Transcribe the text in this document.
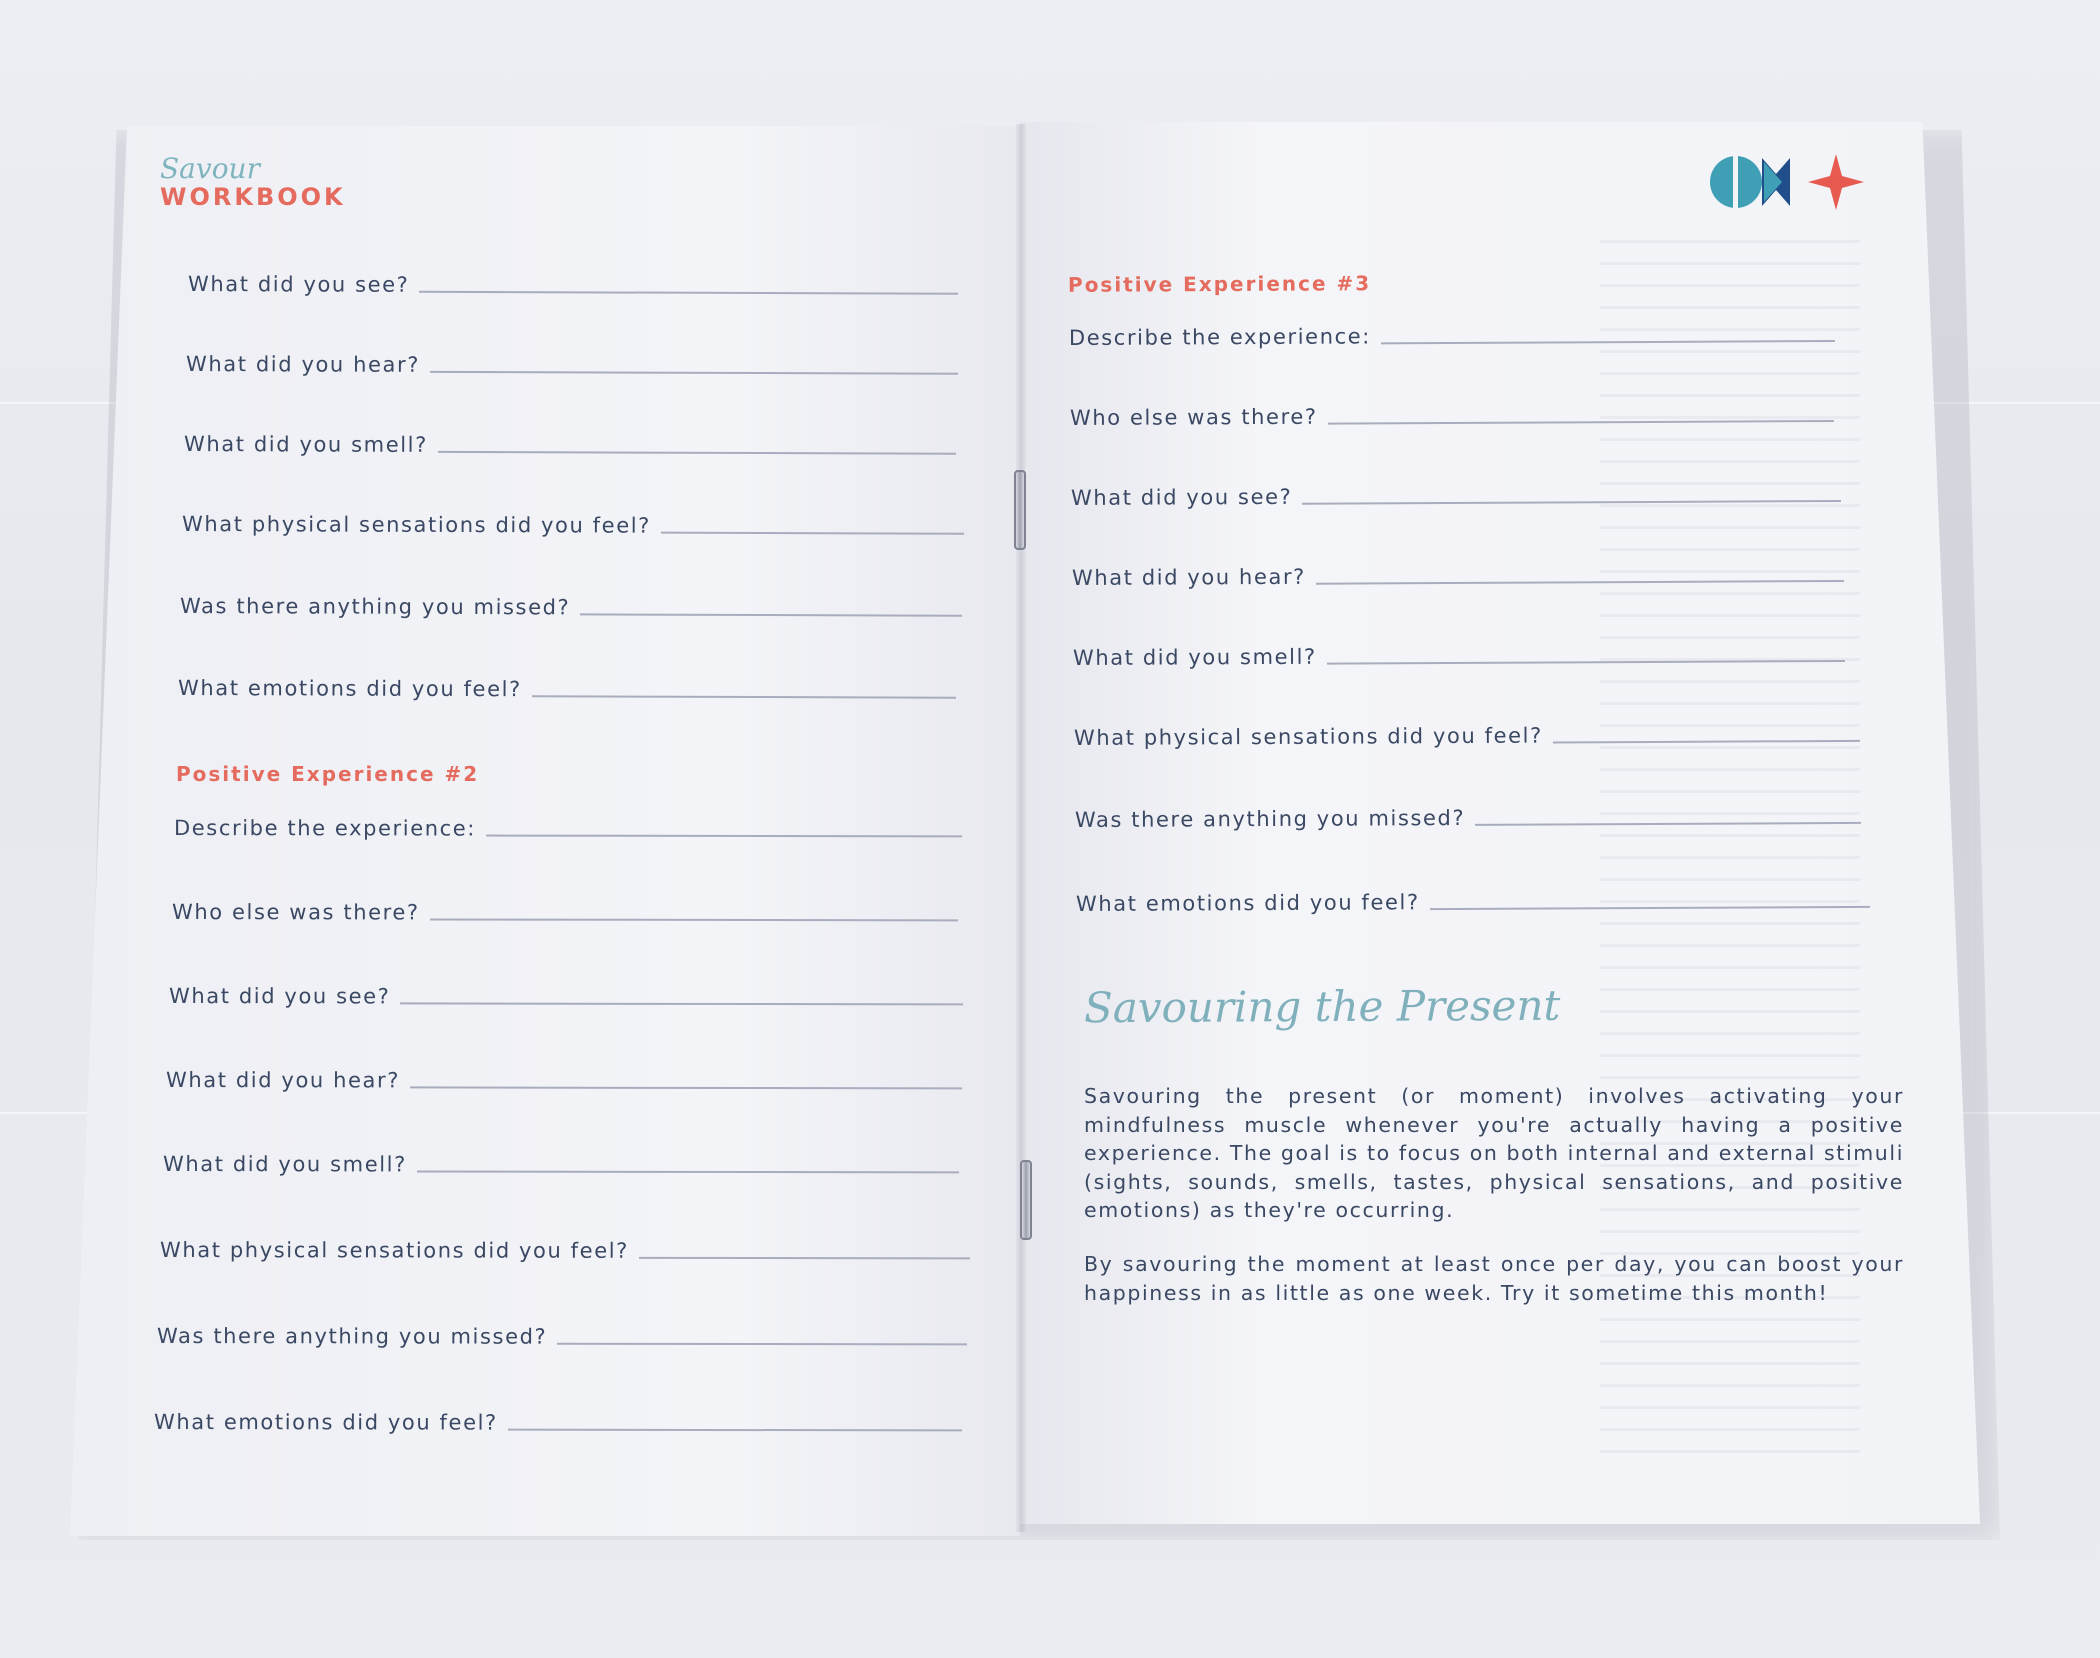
Savour
WORKBOOK
What did you see?
What did you hear?
What did you smell?
What physical sensations did you feel?
Was there anything you missed?
What emotions did you feel?
Positive Experience #2
Describe the experience:
Who else was there?
What did you see?
What did you hear?
What did you smell?
What physical sensations did you feel?
Was there anything you missed?
What emotions did you feel?
Positive Experience #3
Describe the experience:
Who else was there?
What did you see?
What did you hear?
What did you smell?
What physical sensations did you feel?
Was there anything you missed?
What emotions did you feel?
Savouring the Present
Savouring the present (or moment) involves activating your mindfulness muscle whenever you're actually having a positive experience. The goal is to focus on both internal and external stimuli (sights, sounds, smells, tastes, physical sensations, and positive emotions) as they're occurring.
By savouring the moment at least once per day, you can boost your happiness in as little as one week. Try it sometime this month!
